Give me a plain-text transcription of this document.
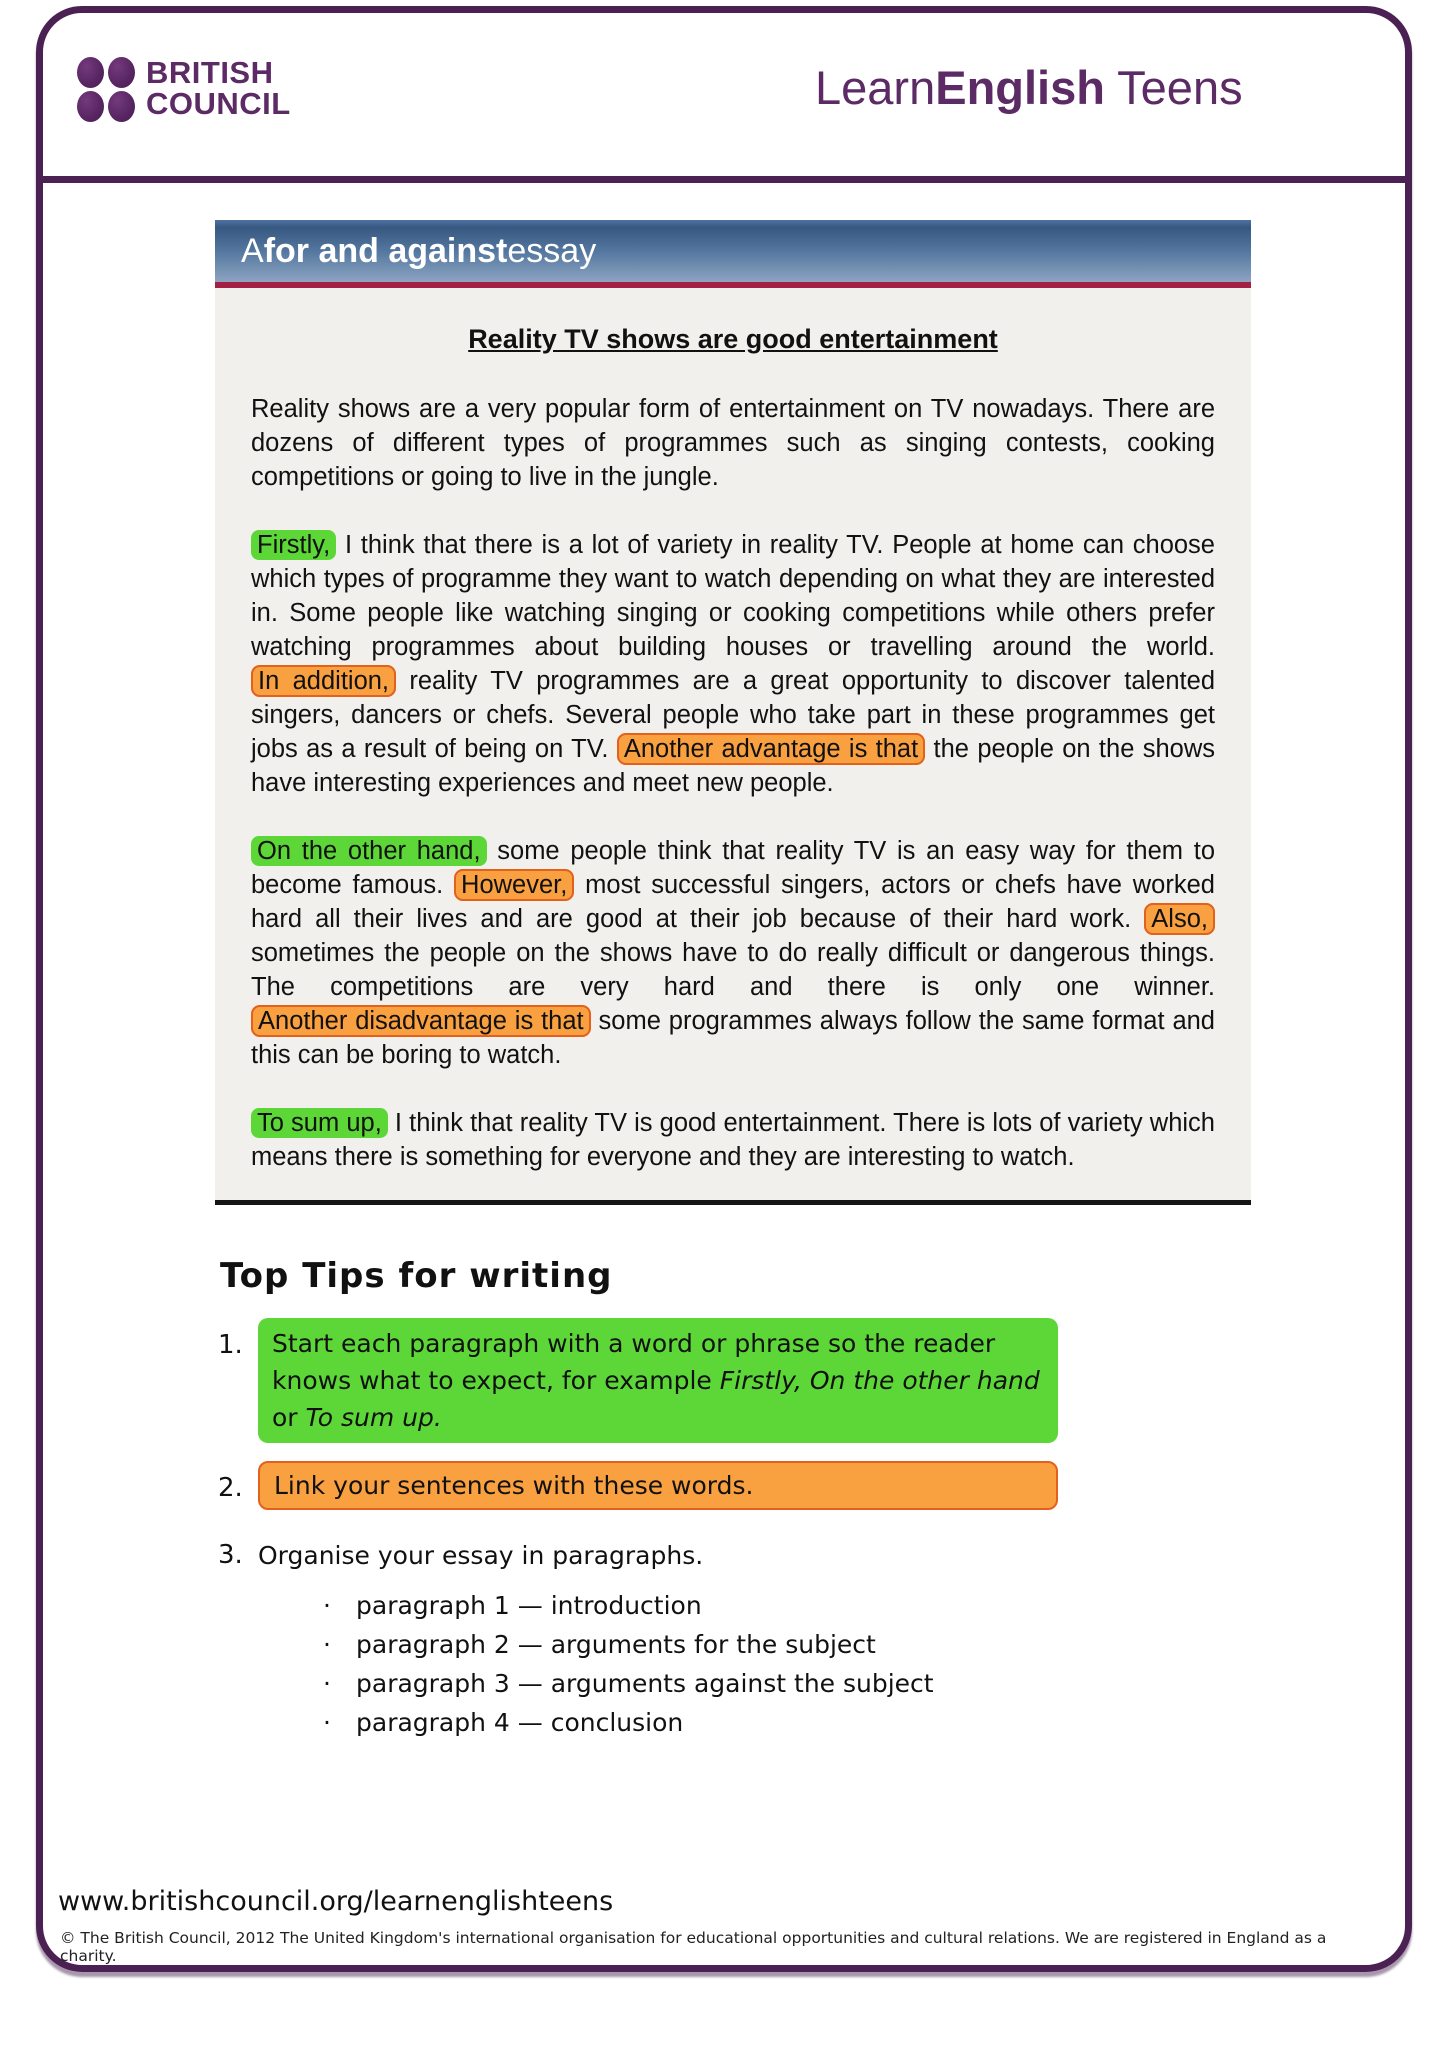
BRITISH
COUNCIL	LearnEnglish Teens
A for and against essay
Reality TV shows are good entertainment

Reality shows are a very popular form of entertainment on TV nowadays. There are dozens of different types of programmes such as singing contests, cooking competitions or going to live in the jungle.

Firstly, I think that there is a lot of variety in reality TV. People at home can choose which types of programme they want to watch depending on what they are interested in. Some people like watching singing or cooking competitions while others prefer watching programmes about building houses or travelling around the world. In addition, reality TV programmes are a great opportunity to discover talented singers, dancers or chefs. Several people who take part in these programmes get jobs as a result of being on TV. Another advantage is that the people on the shows have interesting experiences and meet new people.

On the other hand, some people think that reality TV is an easy way for them to become famous. However, most successful singers, actors or chefs have worked hard all their lives and are good at their job because of their hard work. Also, sometimes the people on the shows have to do really difficult or dangerous things. The competitions are very hard and there is only one winner. Another disadvantage is that some programmes always follow the same format and this can be boring to watch.

To sum up, I think that reality TV is good entertainment. There is lots of variety which means there is something for everyone and they are interesting to watch.

Top Tips for writing
1.	Start each paragraph with a word or phrase so the reader knows what to expect, for example Firstly, On the other hand or To sum up.
2.	Link your sentences with these words.
3. Organise your essay in paragraphs.
·	paragraph 1 — introduction
·	paragraph 2 — arguments for the subject
·	paragraph 3 — arguments against the subject
·	paragraph 4 — conclusion
www.britishcouncil.org/learnenglishteens
© The British Council, 2012 The United Kingdom's international organisation for educational opportunities and cultural relations. We are registered in England as a charity.
